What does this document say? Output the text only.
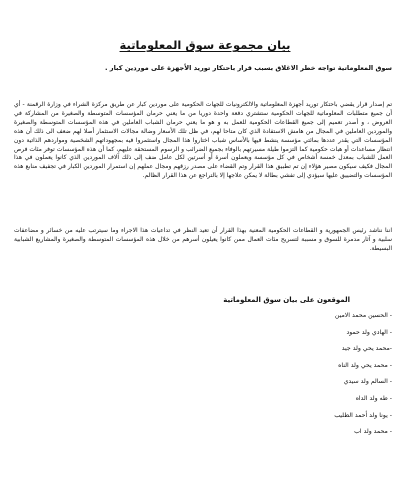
بيان مجموعة سوق المعلوماتية
سوق المعلوماتية تواجه خطر الاغلاق بسبب قرار باحتكار توريد الأجهزة على موردين كبار .
تم إصدار قرار يقضي باحتكار توريد أجهزة المعلوماتية والالكترونيات للجهات الحكومية على موردين كبار عن طريق مركزة الشراء في وزارة الرقمنة - أي أن جميع متطلبات المعلوماتية للجهات الحكومية ستشتري دفعة واحدة دوريا من ما يعني حرمان المؤسسات المتوسطة والصغيرة من المشاركة في العروض ، و أصدر تعميم إلى جميع القطاعات الحكومية للعمل به و هو ما يعني حرمان الشباب العاملين في هذه المؤسسات المتوسطة والصغيرة والموردين العاملين في المجال من هامش الاستفادة الذي كان متاحا لهم، في ظل تلك الأسعار وضالة مجالات الاستثمار أصلا لهم ضعف الى ذلك أن هذه المؤسسات التي يقدر عددها بمائتي مؤسسة ينشط فيها بالأساس شباب اختاروا هذا المجال واستثمروا فيه بمجهوداتهم الشخصية ومواردهم الذاتية دون انتظار مساعدات أو هبات حكومية كما التزموا طيلة مسيرتهم بالوفاء بجميع الضرائب و الرسوم المستحقة عليهم، كما أن هذه المؤسسات توفر مئات فرص العمل للشباب بمعدل خمسة أشخاص في كل مؤسسة ويعملون أسرة أو أسرتين لكل عامل ضف إلى ذلك آلاف الموردين الذي كانوا يعملون في هذا المجال فكيف سيكون مصير هؤلاء إن تم تطبيق هذا القرار وتم القضاء على مصدر رزقهم ومجال عملهم إن استمرار الموردين الكبار في تجفيف منابع هذه المؤسسات والتضييق عليها سيؤدي إلى تفشي بطالة لا يمكن علاجها إلا بالتراجع عن هذا القرار الظالم.
اننا نناشد رئيس الجمهورية و القطاعات الحكومية المعنية بهذا القرار أن تعيد النظر في تداعيات هذا الاجراء وما سيترتب عليه من خسائر و مضاعفات سلبية و آثار مدمرة للسوق و مسببة لتسريح مئات العمال ممن كانوا يعيلون أسرهم من خلال هذه المؤسسات المتوسطة والصغيرة والمشاريع الشبابية البسيطة.
الموقعون على بيان سوق المعلوماتية
- الحسين محمد الامين
- الهادي ولد حمود
-محمد يحي ولد جيد
- محمد يحي ولد الناه
- السالم ولد سيدي
- طه ولد الداه
- يونا ولد أحمد الطليب
- محمد ولد اب
